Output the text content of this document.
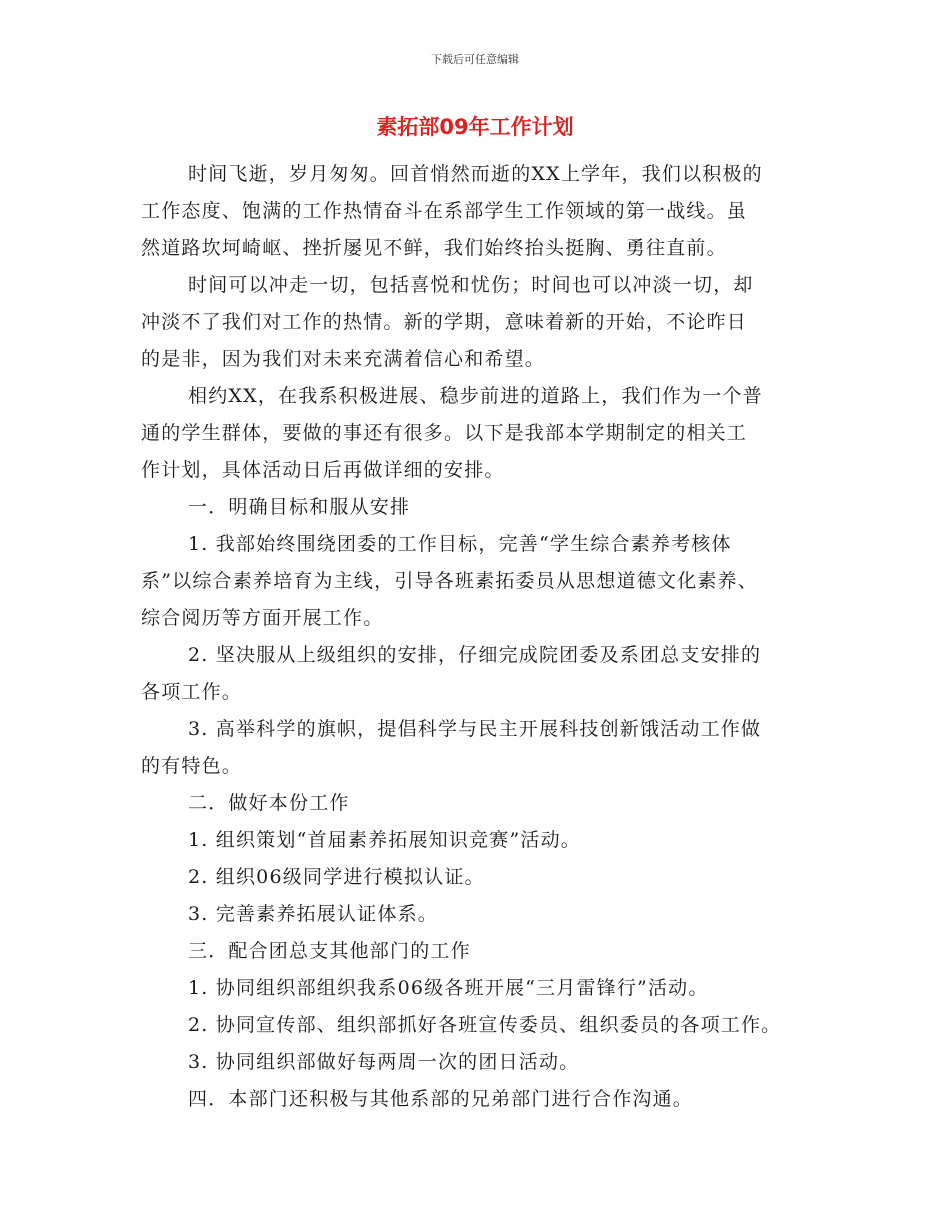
下载后可任意编辑
素拓部09年工作计划
时间飞逝，岁月匆匆。回首悄然而逝的XX上学年，我们以积极的
工作态度、饱满的工作热情奋斗在系部学生工作领域的第一战线。虽
然道路坎坷崎岖、挫折屡见不鲜，我们始终抬头挺胸、勇往直前。
时间可以冲走一切，包括喜悦和忧伤；时间也可以冲淡一切，却
冲淡不了我们对工作的热情。新的学期，意味着新的开始，不论昨日
的是非，因为我们对未来充满着信心和希望。
相约XX，在我系积极进展、稳步前进的道路上，我们作为一个普
通的学生群体，要做的事还有很多。以下是我部本学期制定的相关工
作计划，具体活动日后再做详细的安排。
一．明确目标和服从安排
1. 我部始终围绕团委的工作目标，完善“学生综合素养考核体
系”以综合素养培育为主线，引导各班素拓委员从思想道德文化素养、
综合阅历等方面开展工作。
2. 坚决服从上级组织的安排，仔细完成院团委及系团总支安排的
各项工作。
3. 高举科学的旗帜，提倡科学与民主开展科技创新饿活动工作做
的有特色。
二．做好本份工作
1. 组织策划“首届素养拓展知识竞赛”活动。
2. 组织06级同学进行模拟认证。
3. 完善素养拓展认证体系。
三．配合团总支其他部门的工作
1. 协同组织部组织我系06级各班开展“三月雷锋行”活动。
2. 协同宣传部、组织部抓好各班宣传委员、组织委员的各项工作。
3. 协同组织部做好每两周一次的团日活动。
四．本部门还积极与其他系部的兄弟部门进行合作沟通。
